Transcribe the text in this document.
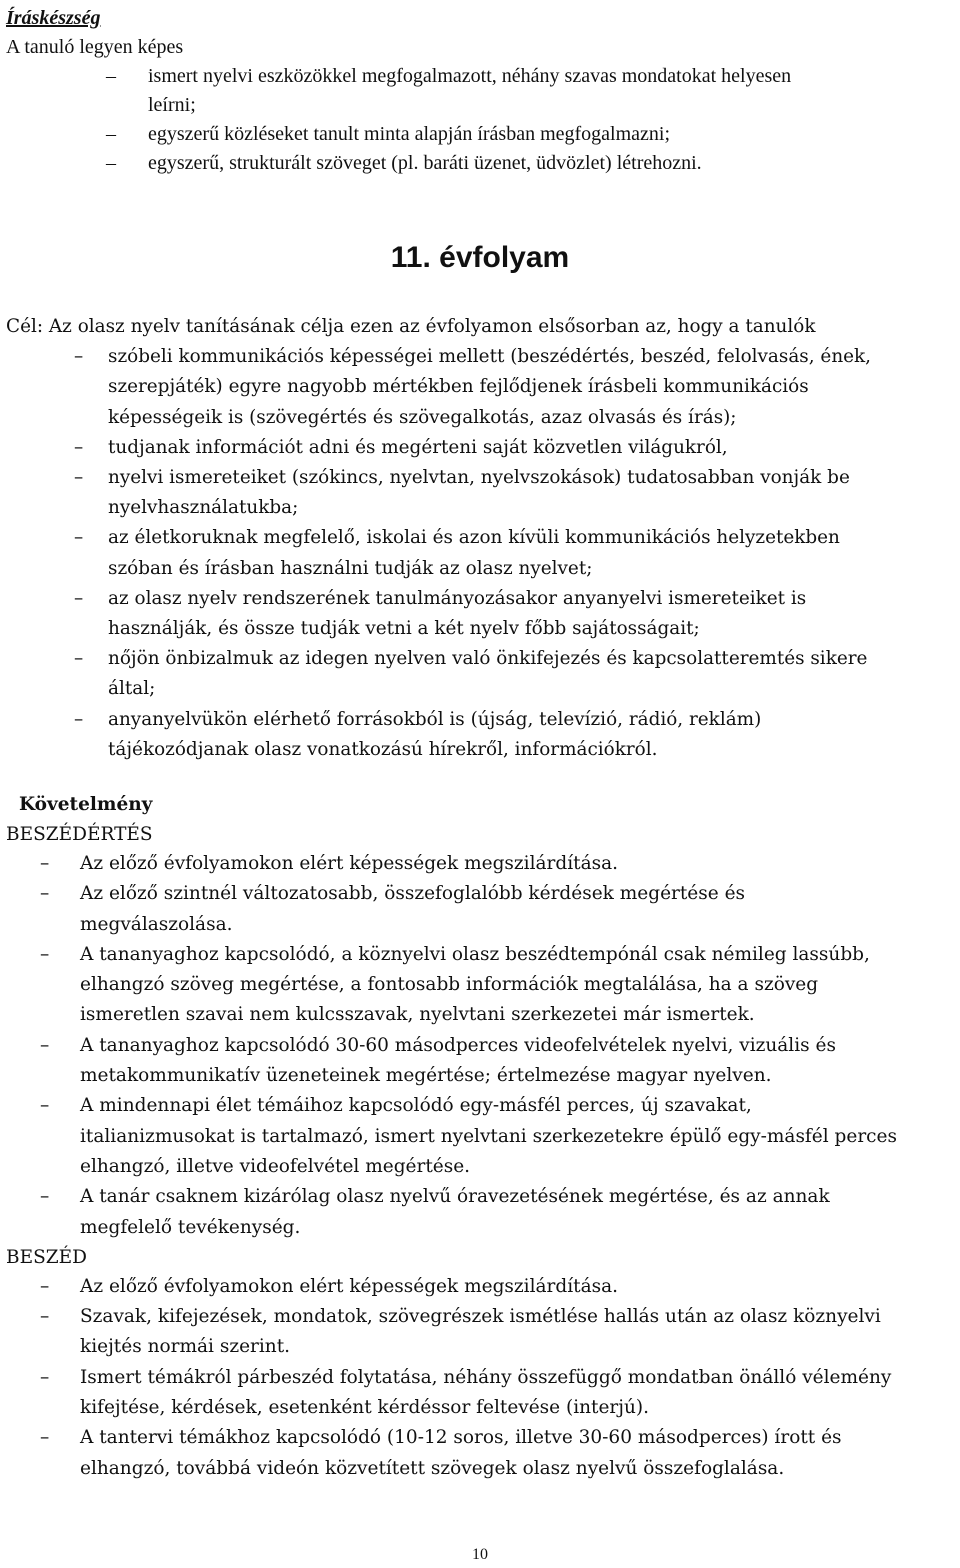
Íráskészség
A tanuló legyen képes
– ismert nyelvi eszközökkel megfogalmazott, néhány szavas mondatokat helyesen
leírni;
– egyszerű közléseket tanult minta alapján írásban megfogalmazni;
– egyszerű, strukturált szöveget (pl. baráti üzenet, üdvözlet) létrehozni.
11. évfolyam
Cél: Az olasz nyelv tanításának célja ezen az évfolyamon elsősorban az, hogy a tanulók
– szóbeli kommunikációs képességei mellett (beszédértés, beszéd, felolvasás, ének,
szerepjáték) egyre nagyobb mértékben fejlődjenek írásbeli kommunikációs
képességeik is (szövegértés és szövegalkotás, azaz olvasás és írás);
– tudjanak információt adni és megérteni saját közvetlen világukról,
– nyelvi ismereteiket (szókincs, nyelvtan, nyelvszokások) tudatosabban vonják be
nyelvhasználatukba;
– az életkoruknak megfelelő, iskolai és azon kívüli kommunikációs helyzetekben
szóban és írásban használni tudják az olasz nyelvet;
– az olasz nyelv rendszerének tanulmányozásakor anyanyelvi ismereteiket is
használják, és össze tudják vetni a két nyelv főbb sajátosságait;
– nőjön önbizalmuk az idegen nyelven való önkifejezés és kapcsolatteremtés sikere
által;
– anyanyelvükön elérhető forrásokból is (újság, televízió, rádió, reklám)
tájékozódjanak olasz vonatkozású hírekről, információkról.
Követelmény
BESZÉDÉRTÉS
– Az előző évfolyamokon elért képességek megszilárdítása.
– Az előző szintnél változatosabb, összefoglalóbb kérdések megértése és
megválaszolása.
– A tananyaghoz kapcsolódó, a köznyelvi olasz beszédtempónál csak némileg lassúbb,
elhangzó szöveg megértése, a fontosabb információk megtalálása, ha a szöveg
ismeretlen szavai nem kulcsszavak, nyelvtani szerkezetei már ismertek.
– A tananyaghoz kapcsolódó 30-60 másodperces videofelvételek nyelvi, vizuális és
metakommunikatív üzeneteinek megértése; értelmezése magyar nyelven.
– A mindennapi élet témáihoz kapcsolódó egy-másfél perces, új szavakat,
italianizmusokat is tartalmazó, ismert nyelvtani szerkezetekre épülő egy-másfél perces
elhangzó, illetve videofelvétel megértése.
– A tanár csaknem kizárólag olasz nyelvű óravezetésének megértése, és az annak
megfelelő tevékenység.
BESZÉD
– Az előző évfolyamokon elért képességek megszilárdítása.
– Szavak, kifejezések, mondatok, szövegrészek ismétlése hallás után az olasz köznyelvi
kiejtés normái szerint.
– Ismert témákról párbeszéd folytatása, néhány összefüggő mondatban önálló vélemény
kifejtése, kérdések, esetenként kérdéssor feltevése (interjú).
– A tantervi témákhoz kapcsolódó (10-12 soros, illetve 30-60 másodperces) írott és
elhangzó, továbbá videón közvetített szövegek olasz nyelvű összefoglalása.
10
